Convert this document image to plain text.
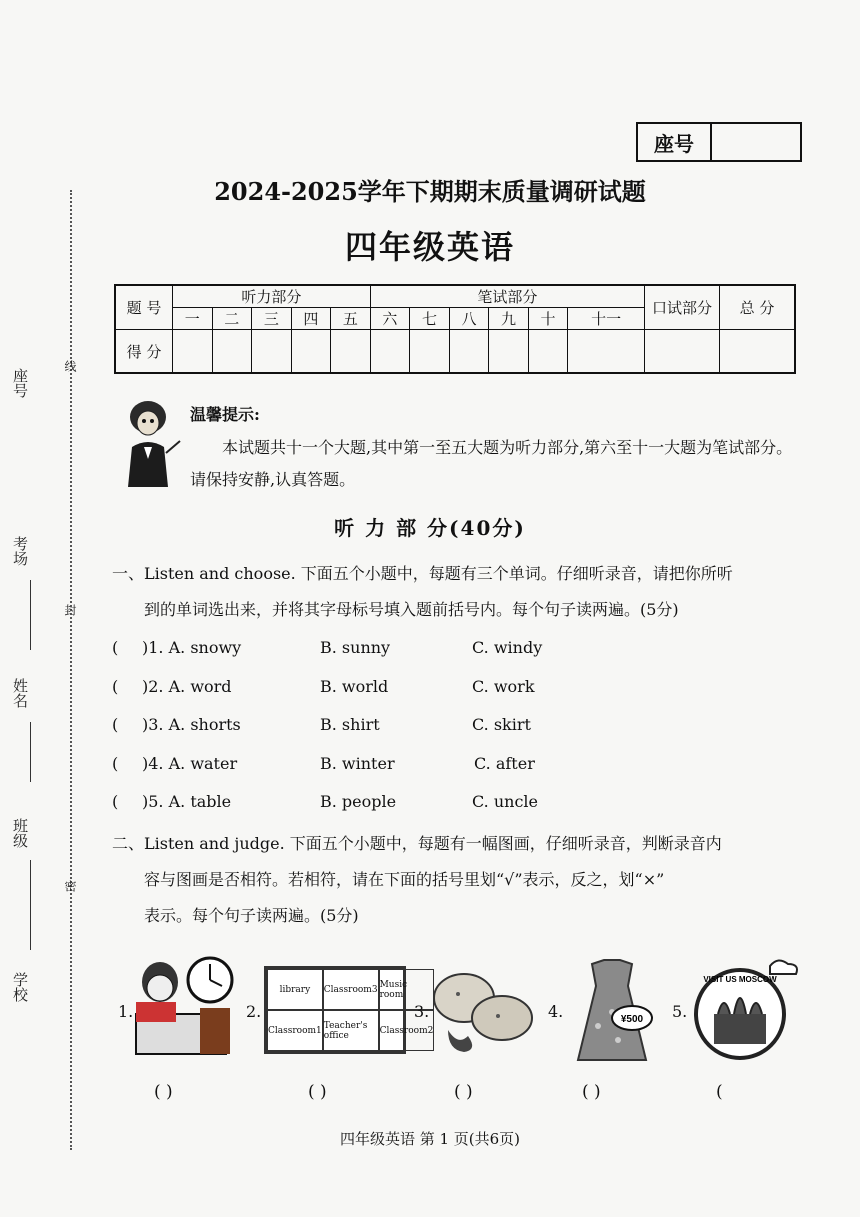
座号
线
考场
封
姓名
班级
密
学校
座号
2024-2025学年下期期末质量调研试题
四年级英语
题 号	听力部分					笔试部分						口试部分	总 分
	一	二	三	四	五	六	七	八	九	十	十一		
得 分													
温馨提示:
本试题共十一个大题,其中第一至五大题为听力部分,第六至十一大题为笔试部分。请保持安静,认真答题。
听 力 部 分(40分)
一、Listen and choose. 下面五个小题中，每题有三个单词。仔细听录音，请把你所听
到的单词选出来，并将其字母标号填入题前括号内。每个句子读两遍。(5分)
( )1. A. snowy	B. sunny	C. windy
( )2. A. word	B. world	C. work
( )3. A. shorts	B. shirt	C. skirt
( )4. A. water	B. winter	C. after
( )5. A. table	B. people	C. uncle
二、Listen and judge. 下面五个小题中，每题有一幅图画，仔细听录音，判断录音内
容与图画是否相符。若相符，请在下面的括号里划“√”表示，反之，划“×”
表示。每个句子读两遍。(5分)
1.	2.
library	Classroom3 Music room
Classroom1 Teacher's office	Classroom2
3.	4.	¥500 5.
VISIT US MOSCOW
( )	( )	( )	( )	(
四年级英语 第 1 页(共6页)
